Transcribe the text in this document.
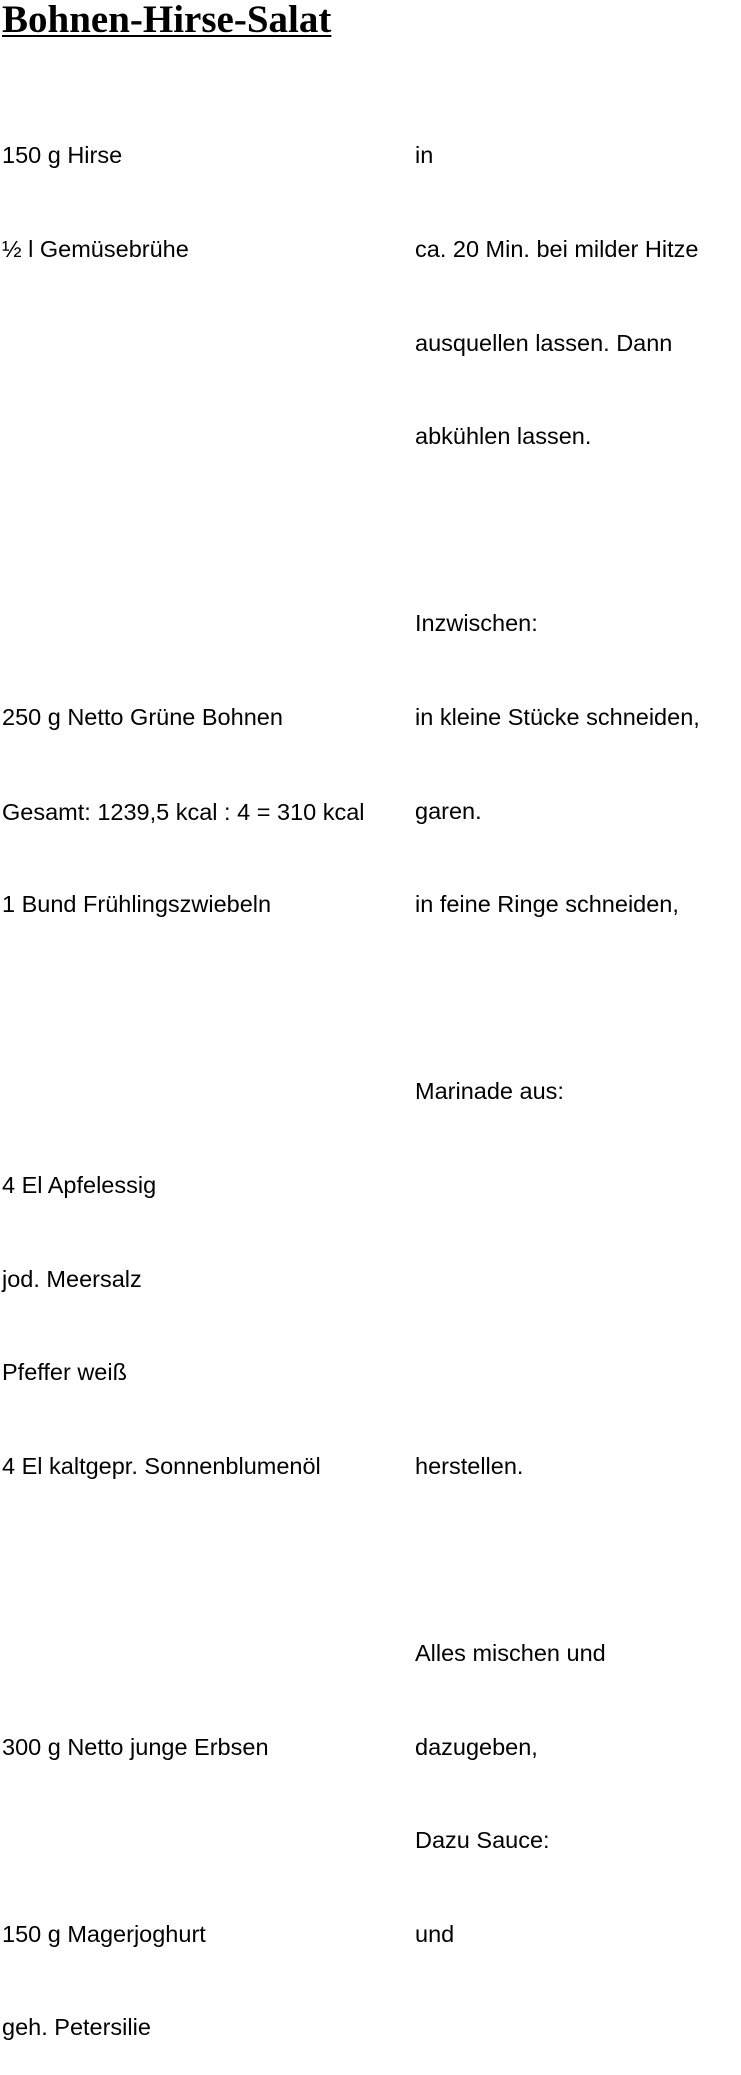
Bohnen-Hirse-Salat

150 g Hirse

½ l Gemüsebrühe

250 g Netto Grüne Bohnen

1 Bund Frühlingszwiebeln

4 El Apfelessig

jod. Meersalz

Pfeffer weiß

4 El kaltgepr. Sonnenblumenöl

300 g Netto junge Erbsen

150 g Magerjoghurt

geh. Petersilie

in

ca. 20 Min. bei milder Hitze

ausquellen lassen. Dann

abkühlen lassen.

Inzwischen:

in kleine Stücke schneiden,

garen.

in feine Ringe schneiden,

Marinade aus:

herstellen.

Alles mischen und

dazugeben,

Dazu Sauce:

und

Gesamt: 1239,5 kcal : 4 = 310 kcal
